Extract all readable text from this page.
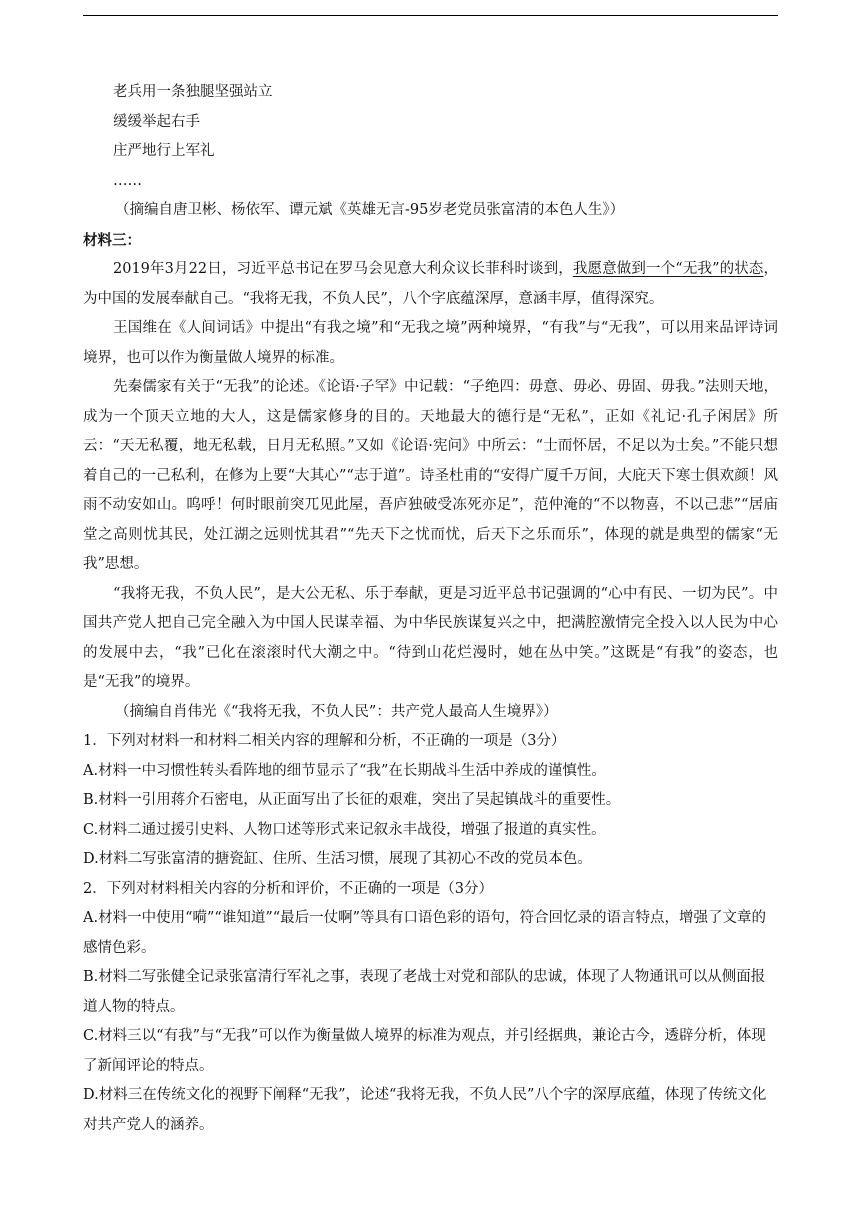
老兵用一条独腿坚强站立

缓缓举起右手

庄严地行上军礼

……

（摘编自唐卫彬、杨依军、谭元斌《英雄无言-95岁老党员张富清的本色人生》）

材料三：

2019年3月22日，习近平总书记在罗马会见意大利众议长菲科时谈到，我愿意做到一个“无我”的状态，为中国的发展奉献自己。“我将无我，不负人民”，八个字底蕴深厚，意涵丰厚，值得深究。

王国维在《人间词话》中提出“有我之境”和“无我之境”两种境界，“有我”与“无我”，可以用来品评诗词境界，也可以作为衡量做人境界的标准。

先秦儒家有关于“无我”的论述。《论语·子罕》中记载：“子绝四：毋意、毋必、毋固、毋我。”法则天地，成为一个顶天立地的大人，这是儒家修身的目的。天地最大的德行是“无私”，正如《礼记·孔子闲居》所云：“天无私覆，地无私载，日月无私照。”又如《论语·宪问》中所云：“士而怀居，不足以为士矣。”不能只想着自己的一己私利，在修为上要“大其心”“志于道”。诗圣杜甫的“安得广厦千万间，大庇天下寒士俱欢颜！风雨不动安如山。呜呼！何时眼前突兀见此屋，吾庐独破受冻死亦足”，范仲淹的“不以物喜，不以己悲”“居庙堂之高则忧其民，处江湖之远则忧其君”“先天下之忧而忧，后天下之乐而乐”，体现的就是典型的儒家“无我”思想。

“我将无我，不负人民”，是大公无私、乐于奉献，更是习近平总书记强调的“心中有民、一切为民”。中国共产党人把自己完全融入为中国人民谋幸福、为中华民族谋复兴之中，把满腔激情完全投入以人民为中心的发展中去，“我”已化在滚滚时代大潮之中。“待到山花烂漫时，她在丛中笑。”这既是“有我”的姿态，也是“无我”的境界。

（摘编自肖伟光《“我将无我，不负人民”：共产党人最高人生境界》）

1．下列对材料一和材料二相关内容的理解和分析，不正确的一项是（3分）

A.材料一中习惯性转头看阵地的细节显示了“我”在长期战斗生活中养成的谨慎性。

B.材料一引用蒋介石密电，从正面写出了长征的艰难，突出了吴起镇战斗的重要性。

C.材料二通过援引史料、人物口述等形式来记叙永丰战役，增强了报道的真实性。

D.材料二写张富清的搪瓷缸、住所、生活习惯，展现了其初心不改的党员本色。

2．下列对材料相关内容的分析和评价，不正确的一项是（3分）

A.材料一中使用“嗬”“谁知道”“最后一仗啊”等具有口语色彩的语句，符合回忆录的语言特点，增强了文章的感情色彩。

B.材料二写张健全记录张富清行军礼之事，表现了老战士对党和部队的忠诚，体现了人物通讯可以从侧面报道人物的特点。

C.材料三以“有我”与“无我”可以作为衡量做人境界的标准为观点，并引经据典，兼论古今，透辟分析，体现了新闻评论的特点。

D.材料三在传统文化的视野下阐释“无我”，论述“我将无我，不负人民”八个字的深厚底蕴，体现了传统文化对共产党人的涵养。
